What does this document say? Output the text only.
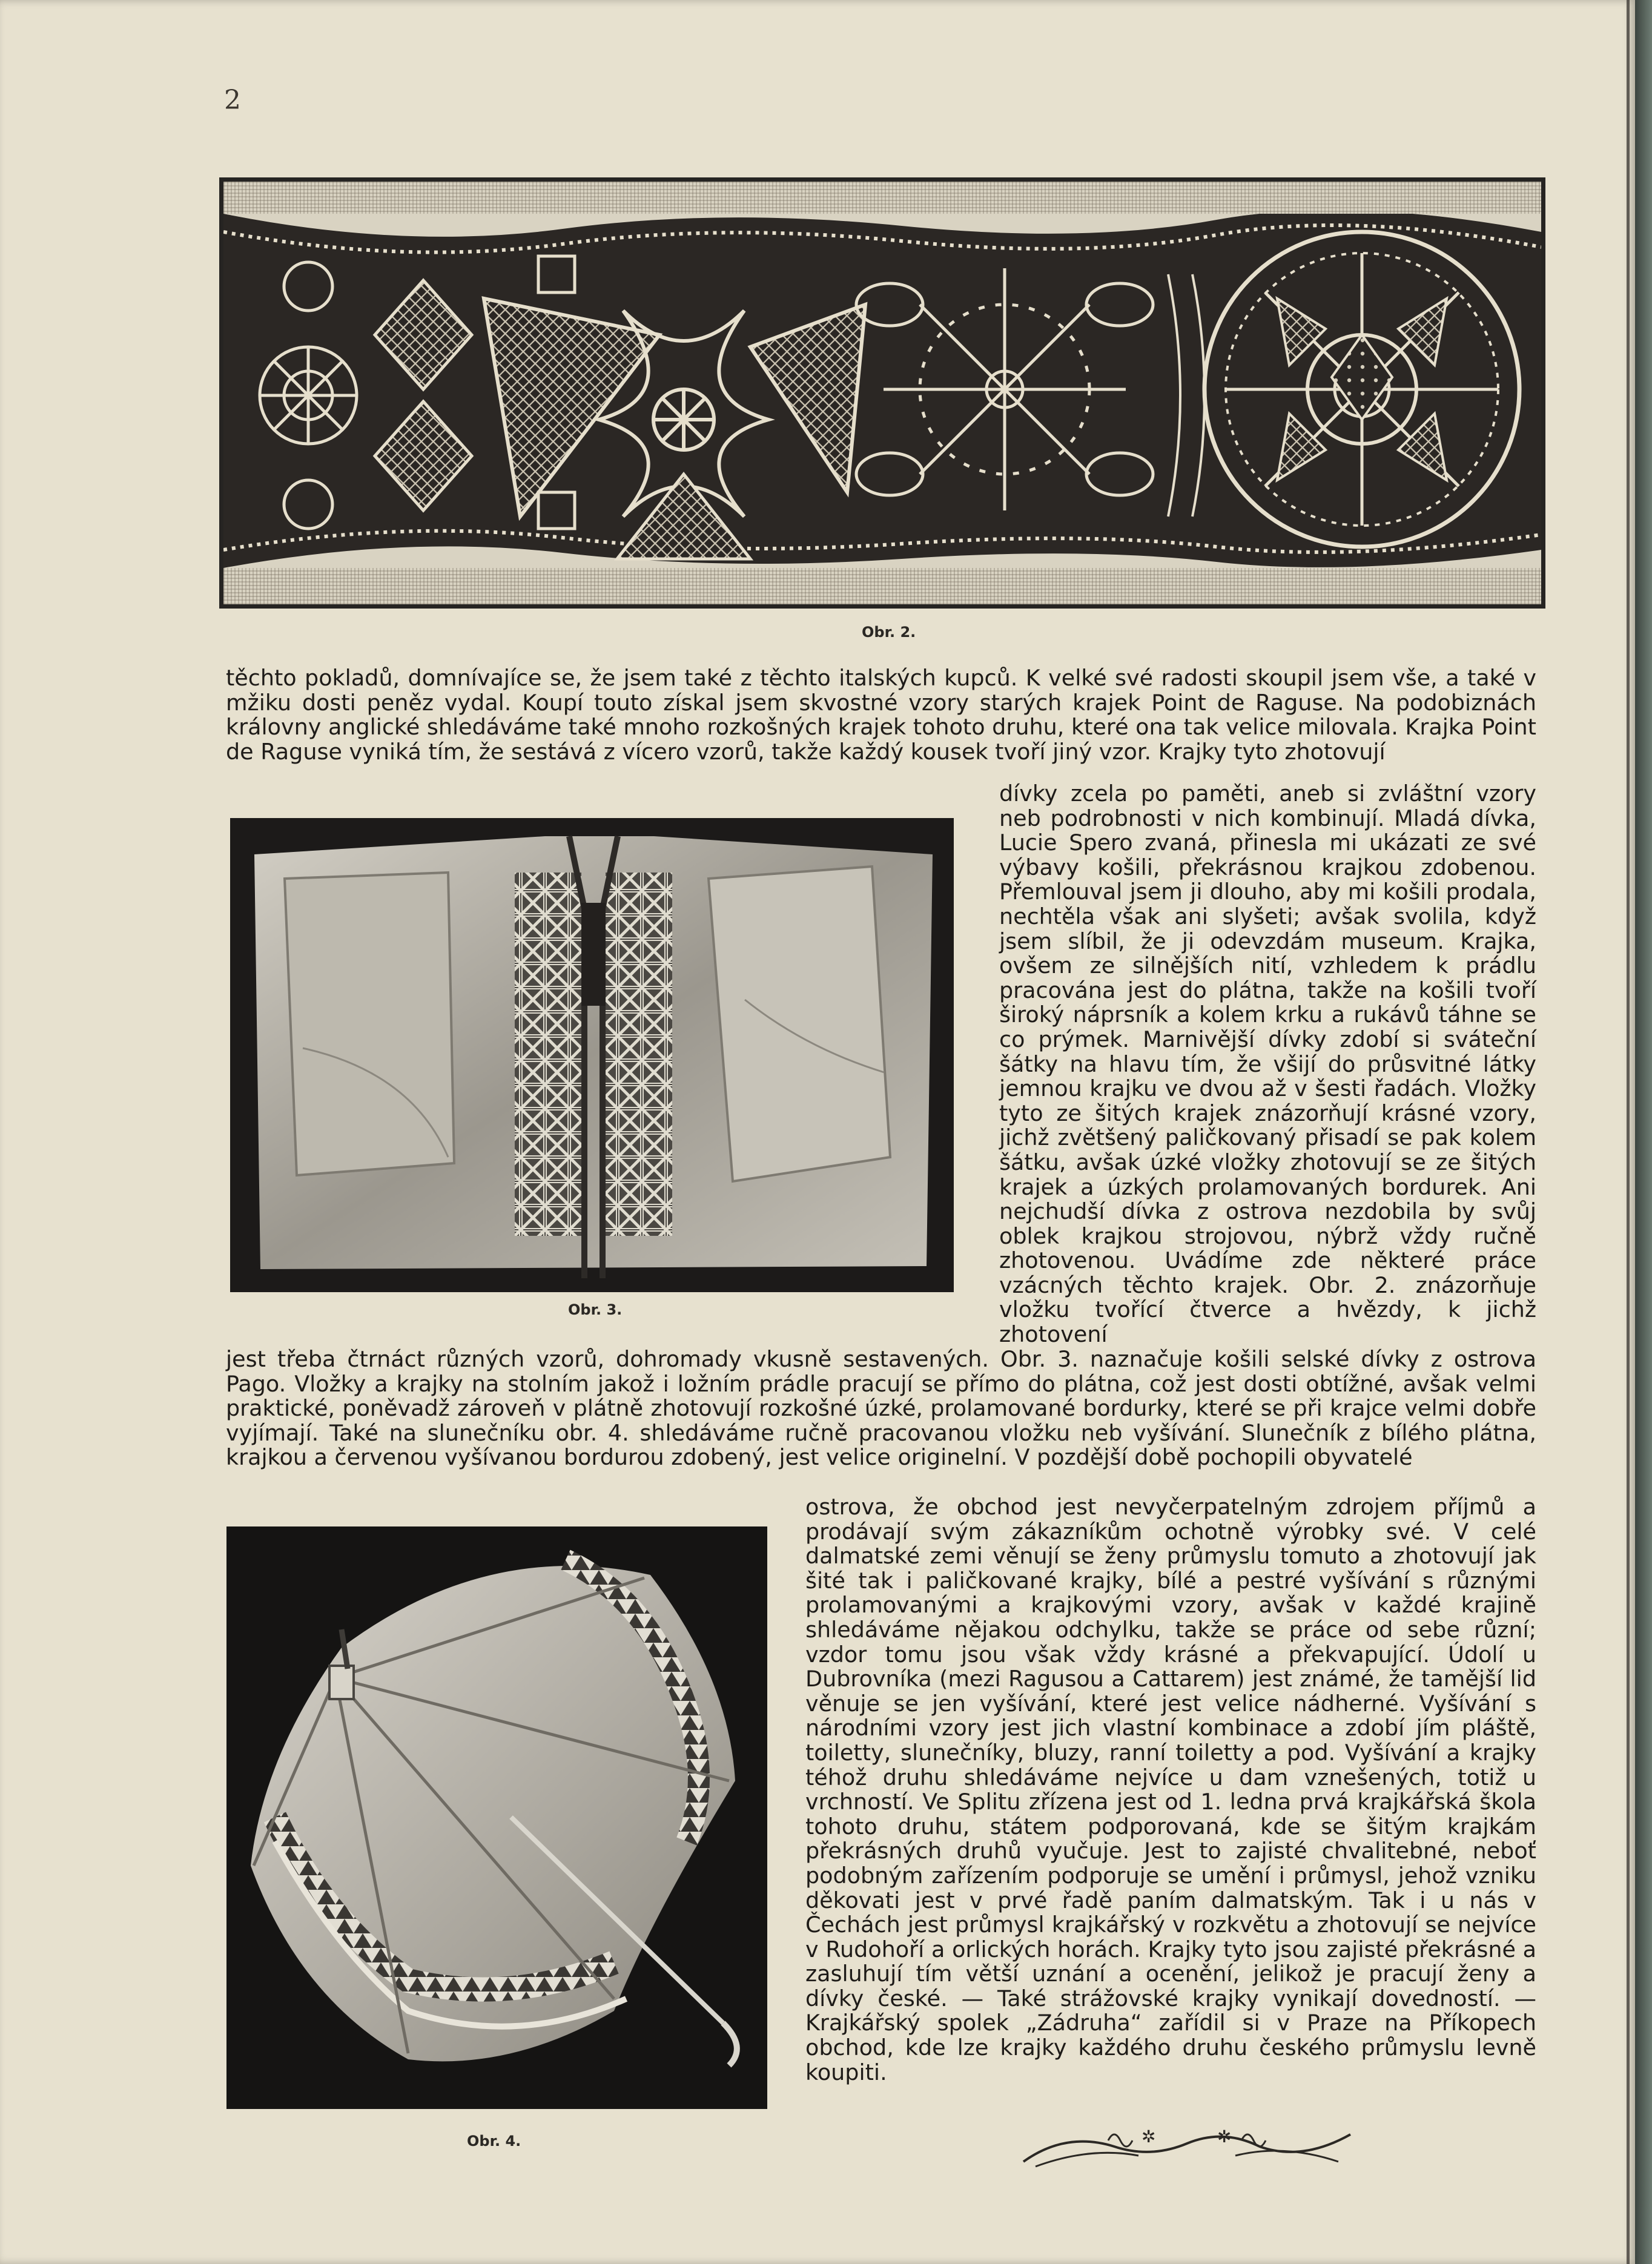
2
Obr. 2.

těchto pokladů, domnívajíce se, že jsem také z těchto italských kupců. K velké své radosti skoupil jsem vše, a také v mžiku dosti peněz vydal. Koupí touto získal jsem skvostné vzory starých krajek Point de Raguse. Na podobiznách královny anglické shledáváme také mnoho rozkošných krajek tohoto druhu, které ona tak velice milovala. Krajka Point de Raguse vyniká tím, že sestává z vícero vzorů, takže každý kousek tvoří jiný vzor. Krajky tyto zhotovují

Obr. 3.

dívky zcela po paměti, aneb si zvláštní vzory neb podrobnosti v nich kombinují. Mladá dívka, Lucie Spero zvaná, přinesla mi ukázati ze své výbavy košili, překrásnou krajkou zdobenou. Přemlouval jsem ji dlouho, aby mi košili prodala, nechtěla však ani slyšeti; avšak svolila, když jsem slíbil, že ji odevzdám museum. Krajka, ovšem ze silnějších nití, vzhledem k prádlu pracována jest do plátna, takže na košili tvoří široký náprsník a kolem krku a rukávů táhne se co prýmek. Marnivější dívky zdobí si sváteční šátky na hlavu tím, že všijí do průsvitné látky jemnou krajku ve dvou až v šesti řadách. Vložky tyto ze šitých krajek znázorňují krásné vzory, jichž zvětšený paličkovaný přisadí se pak kolem šátku, avšak úzké vložky zhotovují se ze šitých krajek a úzkých prolamovaných bordurek. Ani nejchudší dívka z ostrova nezdobila by svůj oblek krajkou strojovou, nýbrž vždy ručně zhotovenou. Uvádíme zde některé práce vzácných těchto krajek. Obr. 2. znázorňuje vložku tvořící čtverce a hvězdy, k jichž zhotovení

jest třeba čtrnáct různých vzorů, dohromady vkusně sestavených. Obr. 3. naznačuje košili selské dívky z ostrova Pago. Vložky a krajky na stolním jakož i ložním prádle pracují se přímo do plátna, což jest dosti obtížné, avšak velmi praktické, poněvadž zároveň v plátně zhotovují rozkošné úzké, prolamované bordurky, které se při krajce velmi dobře vyjímají. Také na slunečníku obr. 4. shledáváme ručně pracovanou vložku neb vyšívání. Slunečník z bílého plátna, krajkou a červenou vyšívanou bordurou zdobený, jest velice originelní. V pozdější době pochopili obyvatelé

Obr. 4.

ostrova, že obchod jest nevyčerpatelným zdrojem příjmů a prodávají svým zákazníkům ochotně výrobky své. V celé dalmatské zemi věnují se ženy průmyslu tomuto a zhotovují jak šité tak i paličkované krajky, bílé a pestré vyšívání s různými prolamovanými a krajkovými vzory, avšak v každé krajině shledáváme nějakou odchylku, takže se práce od sebe různí; vzdor tomu jsou však vždy krásné a překvapující. Údolí u Dubrovníka (mezi Ragusou a Cattarem) jest známé, že tamější lid věnuje se jen vyšívání, které jest velice nádherné. Vyšívání s národními vzory jest jich vlastní kombinace a zdobí jím pláště, toiletty, slunečníky, bluzy, ranní toiletty a pod. Vyšívání a krajky téhož druhu shledáváme nejvíce u dam vznešených, totiž u vrchností. Ve Splitu zřízena jest od 1. ledna prvá krajkářská škola tohoto druhu, státem podporovaná, kde se šitým krajkám překrásných druhů vyučuje. Jest to zajisté chvalitebné, neboť podobným zařízením podporuje se umění i průmysl, jehož vzniku děkovati jest v prvé řadě paním dalmatským. Tak i u nás v Čechách jest průmysl krajkářský v rozkvětu a zhotovují se nejvíce v Rudohoří a orlických horách. Krajky tyto jsou zajisté překrásné a zasluhují tím větší uznání a ocenění, jelikož je pracují ženy a dívky české. — Také strážovské krajky vynikají dovedností. — Krajkářský spolek „Zádruha“ zařídil si v Praze na Příkopech obchod, kde lze krajky každého druhu českého průmyslu levně koupiti.

✲	✲
